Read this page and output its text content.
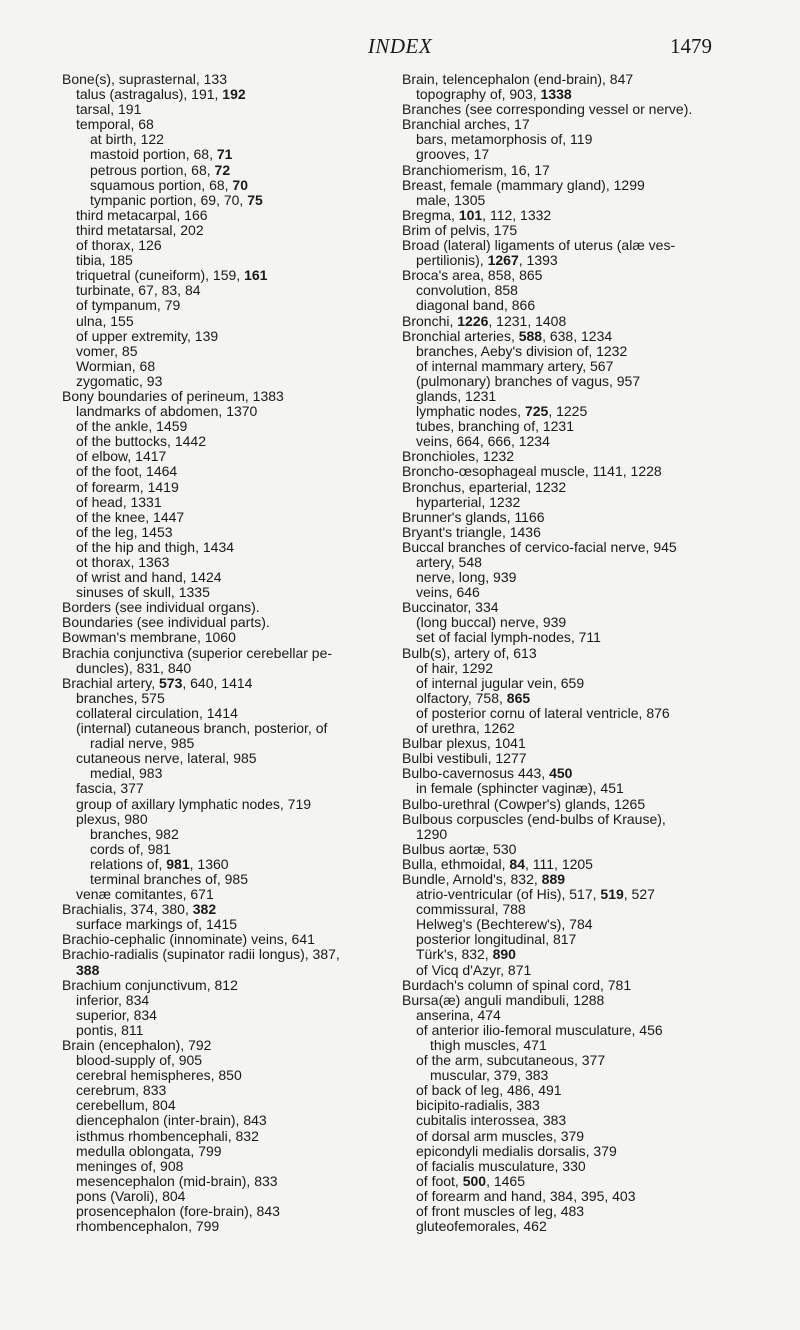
INDEX	1479
Bone(s), suprasternal, 133
talus (astragalus), 191, 192
tarsal, 191
temporal, 68
at birth, 122
mastoid portion, 68, 71
petrous portion, 68, 72
squamous portion, 68, 70
tympanic portion, 69, 70, 75
third metacarpal, 166
third metatarsal, 202
of thorax, 126
tibia, 185
triquetral (cuneiform), 159, 161
turbinate, 67, 83, 84
of tympanum, 79
ulna, 155
of upper extremity, 139
vomer, 85
Wormian, 68
zygomatic, 93
Bony boundaries of perineum, 1383
landmarks of abdomen, 1370
of the ankle, 1459
of the buttocks, 1442
of elbow, 1417
of the foot, 1464
of forearm, 1419
of head, 1331
of the knee, 1447
of the leg, 1453
of the hip and thigh, 1434
ot thorax, 1363
of wrist and hand, 1424
sinuses of skull, 1335
Borders (see individual organs).
Boundaries (see individual parts).
Bowman's membrane, 1060
Brachia conjunctiva (superior cerebellar pe-
duncles), 831, 840
Brachial artery, 573, 640, 1414
branches, 575
collateral circulation, 1414
(internal) cutaneous branch, posterior, of
radial nerve, 985
cutaneous nerve, lateral, 985
medial, 983
fascia, 377
group of axillary lymphatic nodes, 719
plexus, 980
branches, 982
cords of, 981
relations of, 981, 1360
terminal branches of, 985
venæ comitantes, 671
Brachialis, 374, 380, 382
surface markings of, 1415
Brachio-cephalic (innominate) veins, 641
Brachio-radialis (supinator radii longus), 387,
388
Brachium conjunctivum, 812
inferior, 834
superior, 834
pontis, 811
Brain (encephalon), 792
blood-supply of, 905
cerebral hemispheres, 850
cerebrum, 833
cerebellum, 804
diencephalon (inter-brain), 843
isthmus rhombencephali, 832
medulla oblongata, 799
meninges of, 908
mesencephalon (mid-brain), 833
pons (Varoli), 804
prosencephalon (fore-brain), 843
rhombencephalon, 799
Brain, telencephalon (end-brain), 847
topography of, 903, 1338
Branches (see corresponding vessel or nerve).
Branchial arches, 17
bars, metamorphosis of, 119
grooves, 17
Branchiomerism, 16, 17
Breast, female (mammary gland), 1299
male, 1305
Bregma, 101, 112, 1332
Brim of pelvis, 175
Broad (lateral) ligaments of uterus (alæ ves-
pertilionis), 1267, 1393
Broca's area, 858, 865
convolution, 858
diagonal band, 866
Bronchi, 1226, 1231, 1408
Bronchial arteries, 588, 638, 1234
branches, Aeby's division of, 1232
of internal mammary artery, 567
(pulmonary) branches of vagus, 957
glands, 1231
lymphatic nodes, 725, 1225
tubes, branching of, 1231
veins, 664, 666, 1234
Bronchioles, 1232
Broncho-œsophageal muscle, 1141, 1228
Bronchus, eparterial, 1232
hyparterial, 1232
Brunner's glands, 1166
Bryant's triangle, 1436
Buccal branches of cervico-facial nerve, 945
artery, 548
nerve, long, 939
veins, 646
Buccinator, 334
(long buccal) nerve, 939
set of facial lymph-nodes, 711
Bulb(s), artery of, 613
of hair, 1292
of internal jugular vein, 659
olfactory, 758, 865
of posterior cornu of lateral ventricle, 876
of urethra, 1262
Bulbar plexus, 1041
Bulbi vestibuli, 1277
Bulbo-cavernosus 443, 450
in female (sphincter vaginæ), 451
Bulbo-urethral (Cowper's) glands, 1265
Bulbous corpuscles (end-bulbs of Krause),
1290
Bulbus aortæ, 530
Bulla, ethmoidal, 84, 111, 1205
Bundle, Arnold's, 832, 889
atrio-ventricular (of His), 517, 519, 527
commissural, 788
Helweg's (Bechterew's), 784
posterior longitudinal, 817
Türk's, 832, 890
of Vicq d'Azyr, 871
Burdach's column of spinal cord, 781
Bursa(æ) anguli mandibuli, 1288
anserina, 474
of anterior ilio-femoral musculature, 456
thigh muscles, 471
of the arm, subcutaneous, 377
muscular, 379, 383
of back of leg, 486, 491
bicipito-radialis, 383
cubitalis interossea, 383
of dorsal arm muscles, 379
epicondyli medialis dorsalis, 379
of facialis musculature, 330
of foot, 500, 1465
of forearm and hand, 384, 395, 403
of front muscles of leg, 483
gluteofemorales, 462
